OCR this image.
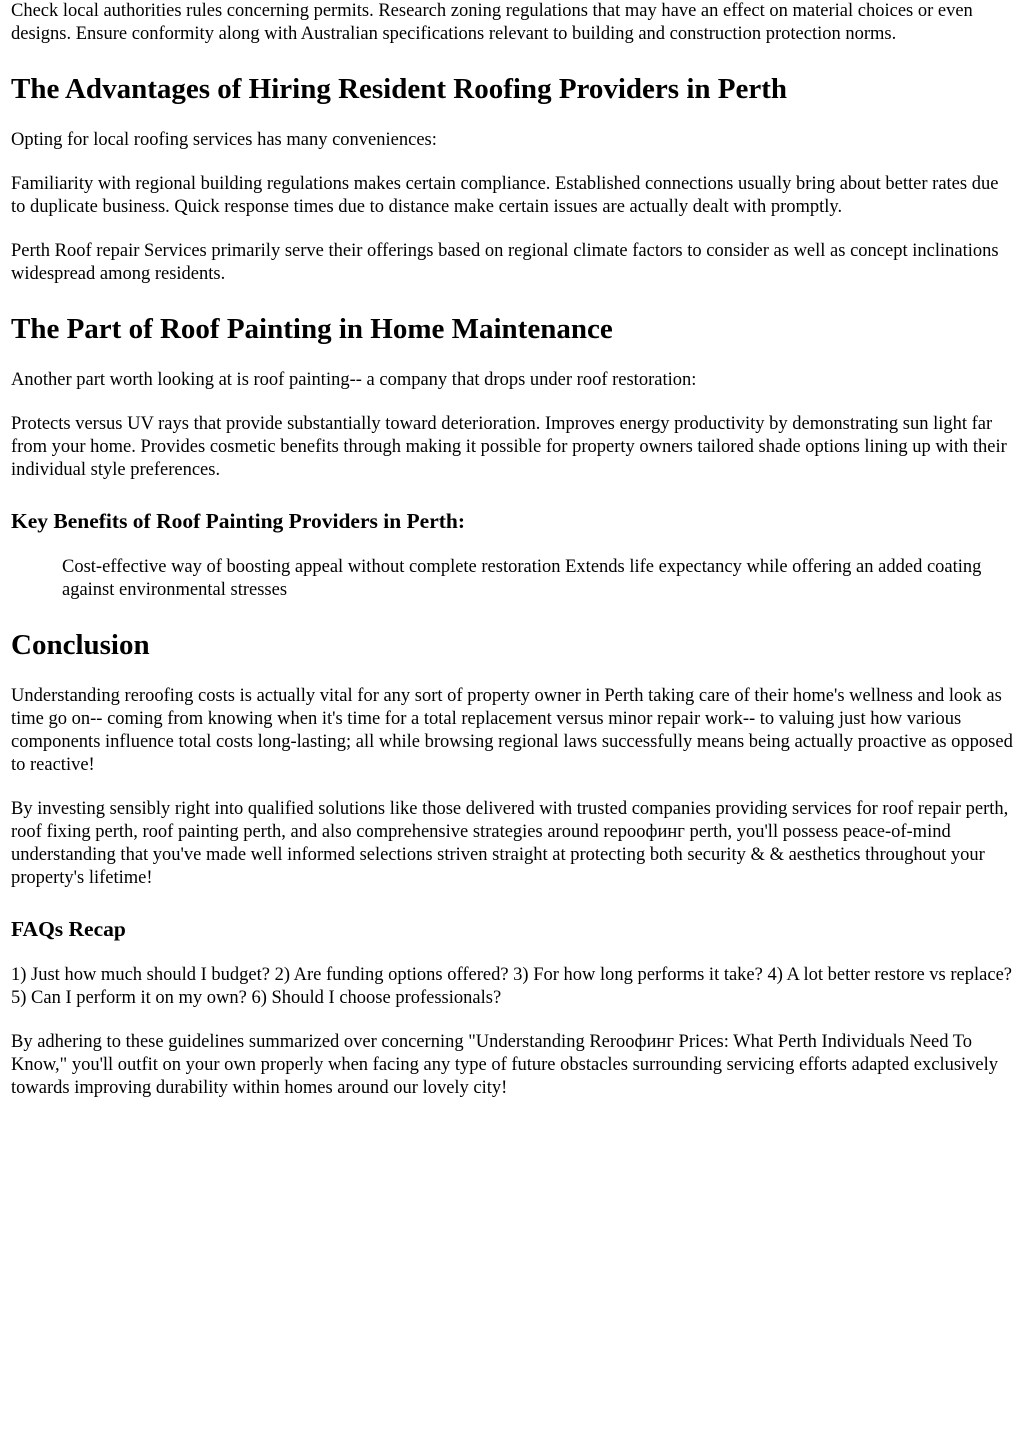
Check local authorities rules concerning permits. Research zoning regulations that may have an effect on material choices or even designs. Ensure conformity along with Australian specifications relevant to building and construction protection norms.

The Advantages of Hiring Resident Roofing Providers in Perth

Opting for local roofing services has many conveniences:

Familiarity with regional building regulations makes certain compliance. Established connections usually bring about better rates due to duplicate business. Quick response times due to distance make certain issues are actually dealt with promptly.

Perth Roof repair Services primarily serve their offerings based on regional climate factors to consider as well as concept inclinations widespread among residents.

The Part of Roof Painting in Home Maintenance

Another part worth looking at is roof painting-- a company that drops under roof restoration:

Protects versus UV rays that provide substantially toward deterioration. Improves energy productivity by demonstrating sun light far from your home. Provides cosmetic benefits through making it possible for property owners tailored shade options lining up with their individual style preferences.

Key Benefits of Roof Painting Providers in Perth:
Cost-effective way of boosting appeal without complete restoration Extends life expectancy while offering an added coating against environmental stresses
Conclusion

Understanding reroofing costs is actually vital for any sort of property owner in Perth taking care of their home's wellness and look as time go on-- coming from knowing when it's time for a total replacement versus minor repair work-- to valuing just how various components influence total costs long-lasting; all while browsing regional laws successfully means being actually proactive as opposed to reactive!

By investing sensibly right into qualified solutions like those delivered with trusted companies providing services for roof repair perth, roof fixing perth, roof painting perth, and also comprehensive strategies around repoофинг perth, you'll possess peace-of-mind understanding that you've made well informed selections striven straight at protecting both security & & aesthetics throughout your property's lifetime!

FAQs Recap

1) Just how much should I budget? 2) Are funding options offered? 3) For how long performs it take? 4) A lot better restore vs replace? 5) Can I perform it on my own? 6) Should I choose professionals?

By adhering to these guidelines summarized over concerning "Understanding Reroофинг Prices: What Perth Individuals Need To Know," you'll outfit on your own properly when facing any type of future obstacles surrounding servicing efforts adapted exclusively towards improving durability within homes around our lovely city!
